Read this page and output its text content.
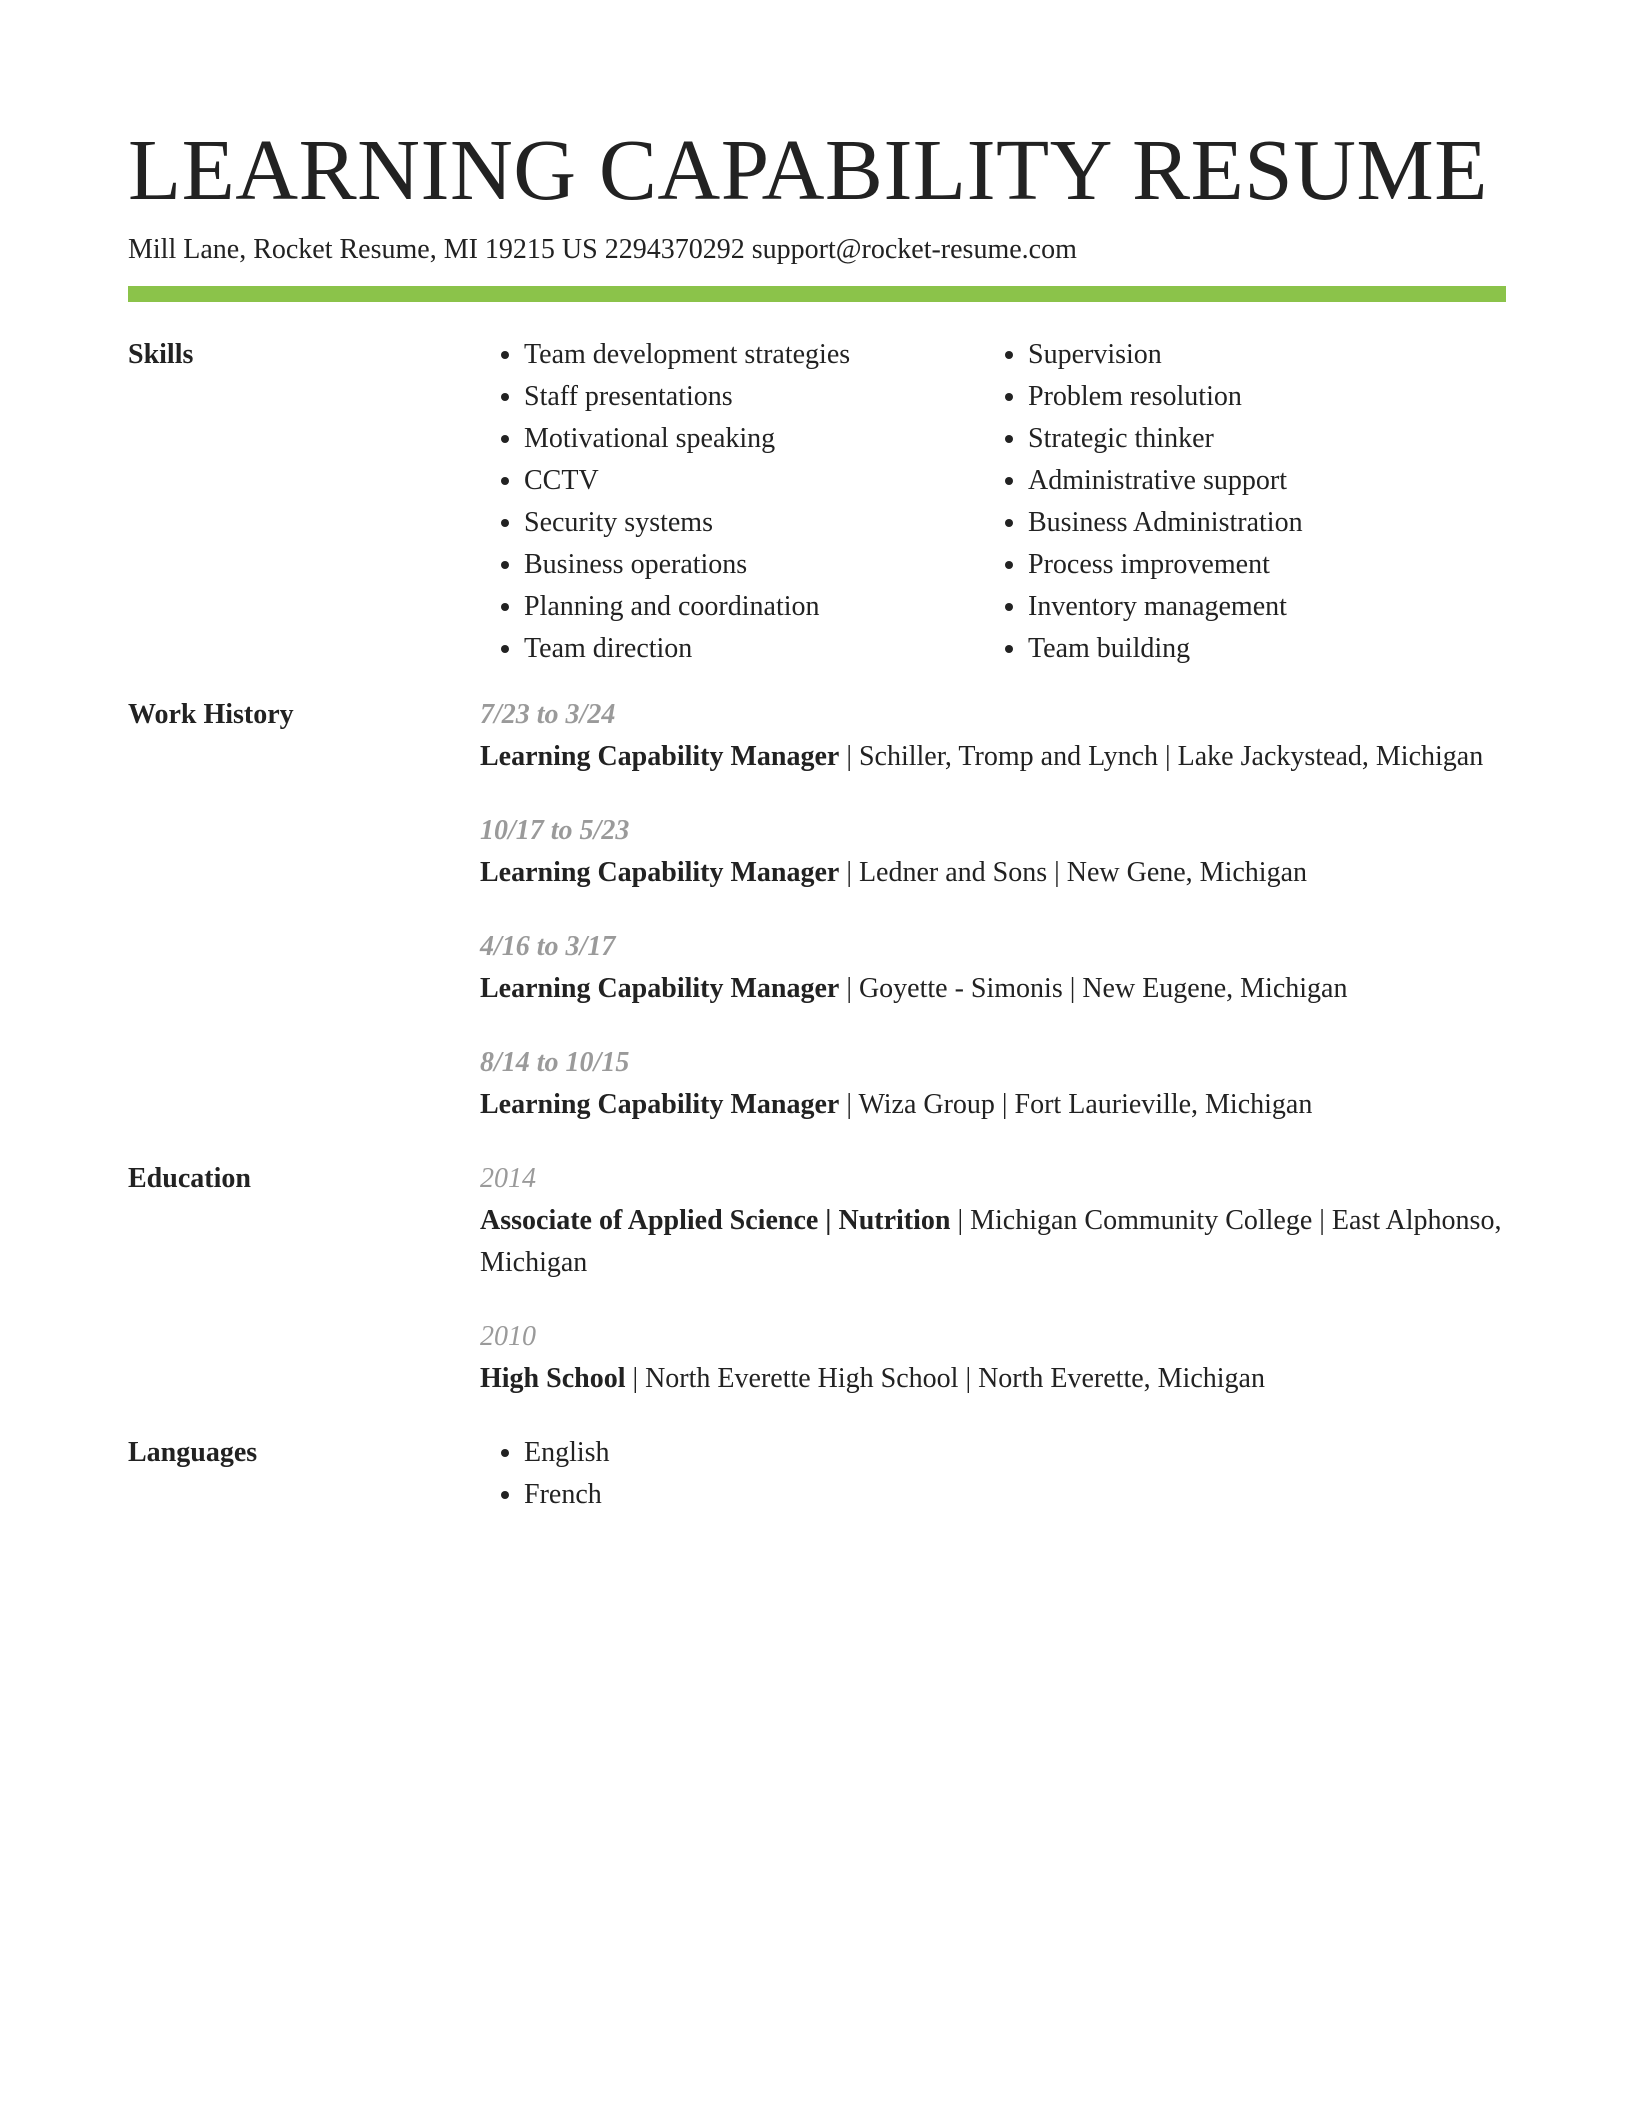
LEARNING CAPABILITY RESUME
Mill Lane, Rocket Resume, MI 19215 US 2294370292 support@rocket-resume.com
Skills	• Team development strategies
• Staff presentations
• Motivational speaking
• CCTV
• Security systems
• Business operations
• Planning and coordination
• Team direction
• Supervision
• Problem resolution
• Strategic thinker
• Administrative support
• Business Administration
• Process improvement
• Inventory management
• Team building
Work History	7/23 to 3/24
Learning Capability Manager | Schiller, Tromp and Lynch | Lake Jackystead, Michigan
10/17 to 5/23
Learning Capability Manager | Ledner and Sons | New Gene, Michigan
4/16 to 3/17
Learning Capability Manager | Goyette - Simonis | New Eugene, Michigan
8/14 to 10/15
Learning Capability Manager | Wiza Group | Fort Laurieville, Michigan
Education	2014
Associate of Applied Science | Nutrition | Michigan Community College | East Alphonso, Michigan
2010
High School | North Everette High School | North Everette, Michigan
Languages	• English
• French
